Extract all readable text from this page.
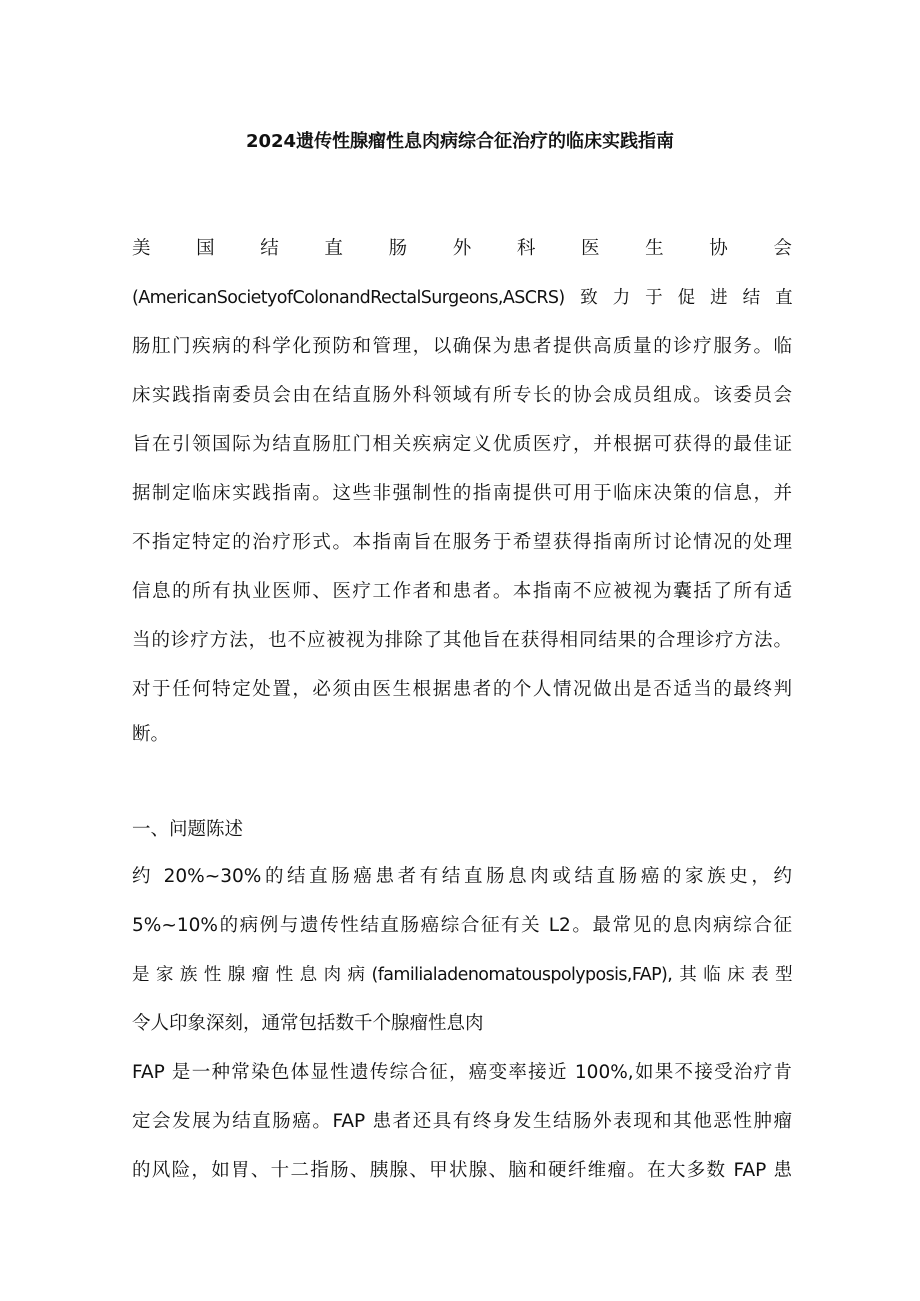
2024遗传性腺瘤性息肉病综合征治疗的临床实践指南
美 国 结 直 肠 外 科 医 生 协 会
(AmericanSocietyofColonandRectalSurgeons,ASCRS)致力于促进结直
肠肛门疾病的科学化预防和管理，以确保为患者提供高质量的诊疗服务。临
床实践指南委员会由在结直肠外科领域有所专长的协会成员组成。该委员会
旨在引领国际为结直肠肛门相关疾病定义优质医疗，并根据可获得的最佳证
据制定临床实践指南。这些非强制性的指南提供可用于临床决策的信息，并
不指定特定的治疗形式。本指南旨在服务于希望获得指南所讨论情况的处理
信息的所有执业医师、医疗工作者和患者。本指南不应被视为囊括了所有适
当的诊疗方法，也不应被视为排除了其他旨在获得相同结果的合理诊疗方法。
对于任何特定处置，必须由医生根据患者的个人情况做出是否适当的最终判
断。
一、问题陈述
约 20%~30%的结直肠癌患者有结直肠息肉或结直肠癌的家族史，约
5%~10%的病例与遗传性结直肠癌综合征有关 L2。最常见的息肉病综合征
是家族性腺瘤性息肉病(familialadenomatouspolyposis,FAP),其临床表型
令人印象深刻，通常包括数千个腺瘤性息肉
FAP 是一种常染色体显性遗传综合征，癌变率接近 100%,如果不接受治疗肯
定会发展为结直肠癌。FAP 患者还具有终身发生结肠外表现和其他恶性肿瘤
的风险，如胃、十二指肠、胰腺、甲状腺、脑和硬纤维瘤。在大多数 FAP 患
